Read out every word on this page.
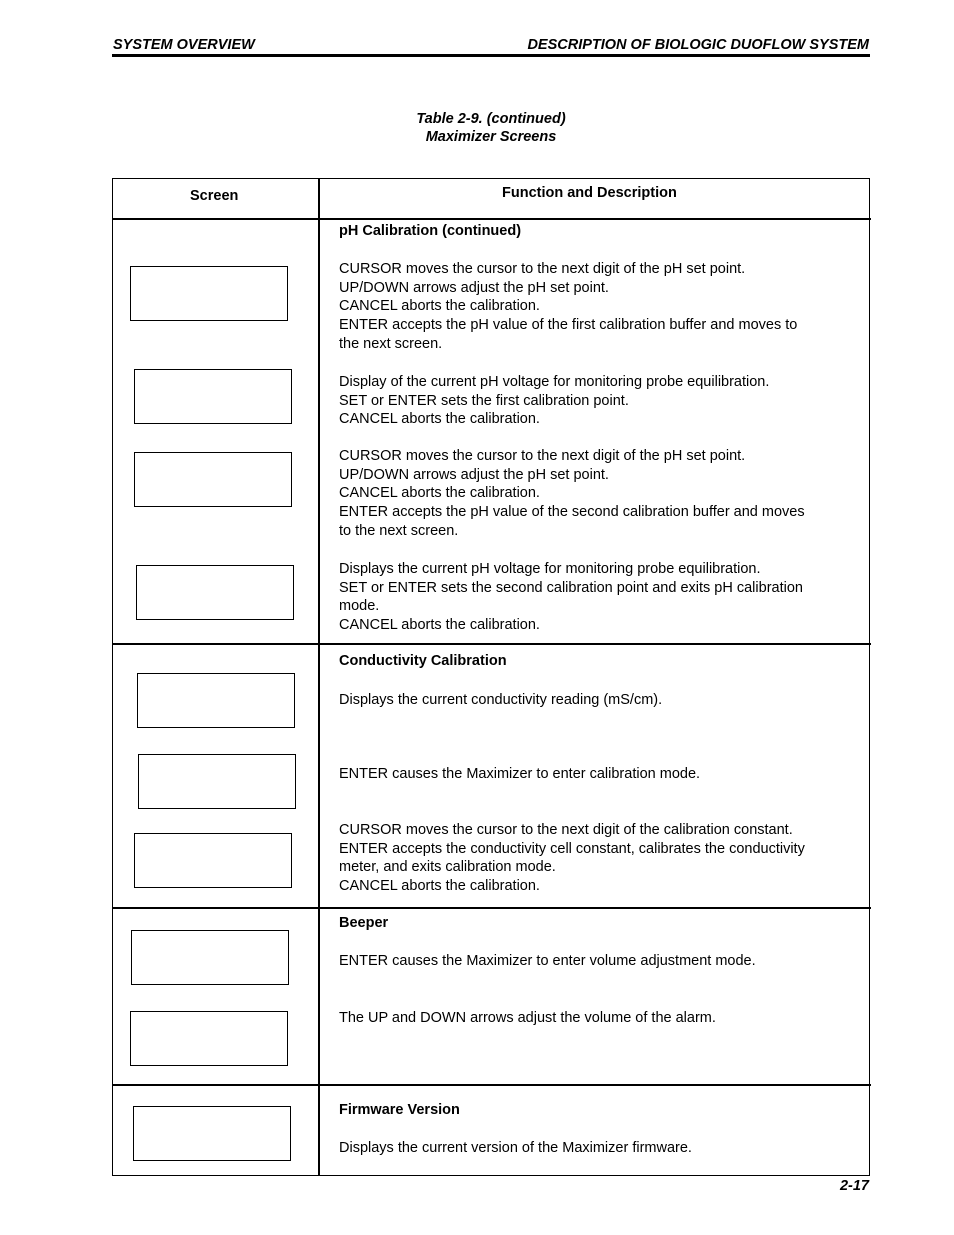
SYSTEM OVERVIEW	DESCRIPTION OF BIOLOGIC DUOFLOW SYSTEM
Table 2-9. (continued)
Maximizer Screens
Screen	Function and Description
pH Calibration (continued)
CURSOR moves the cursor to the next digit of the pH set point.
UP/DOWN arrows adjust the pH set point.
CANCEL aborts the calibration.
ENTER accepts the pH value of the first calibration buffer and moves to
the next screen.
Display of the current pH voltage for monitoring probe equilibration.
SET or ENTER sets the first calibration point.
CANCEL aborts the calibration.
CURSOR moves the cursor to the next digit of the pH set point.
UP/DOWN arrows adjust the pH set point.
CANCEL aborts the calibration.
ENTER accepts the pH value of the second calibration buffer and moves
to the next screen.
Displays the current pH voltage for monitoring probe equilibration.
SET or ENTER sets the second calibration point and exits pH calibration
mode.
CANCEL aborts the calibration.
Conductivity Calibration
Displays the current conductivity reading (mS/cm).
ENTER causes the Maximizer to enter calibration mode.
CURSOR moves the cursor to the next digit of the calibration constant.
ENTER accepts the conductivity cell constant, calibrates the conductivity
meter, and exits calibration mode.
CANCEL aborts the calibration.
Beeper
ENTER causes the Maximizer to enter volume adjustment mode.
The UP and DOWN arrows adjust the volume of the alarm.
Firmware Version
Displays the current version of the Maximizer firmware.
2-17
